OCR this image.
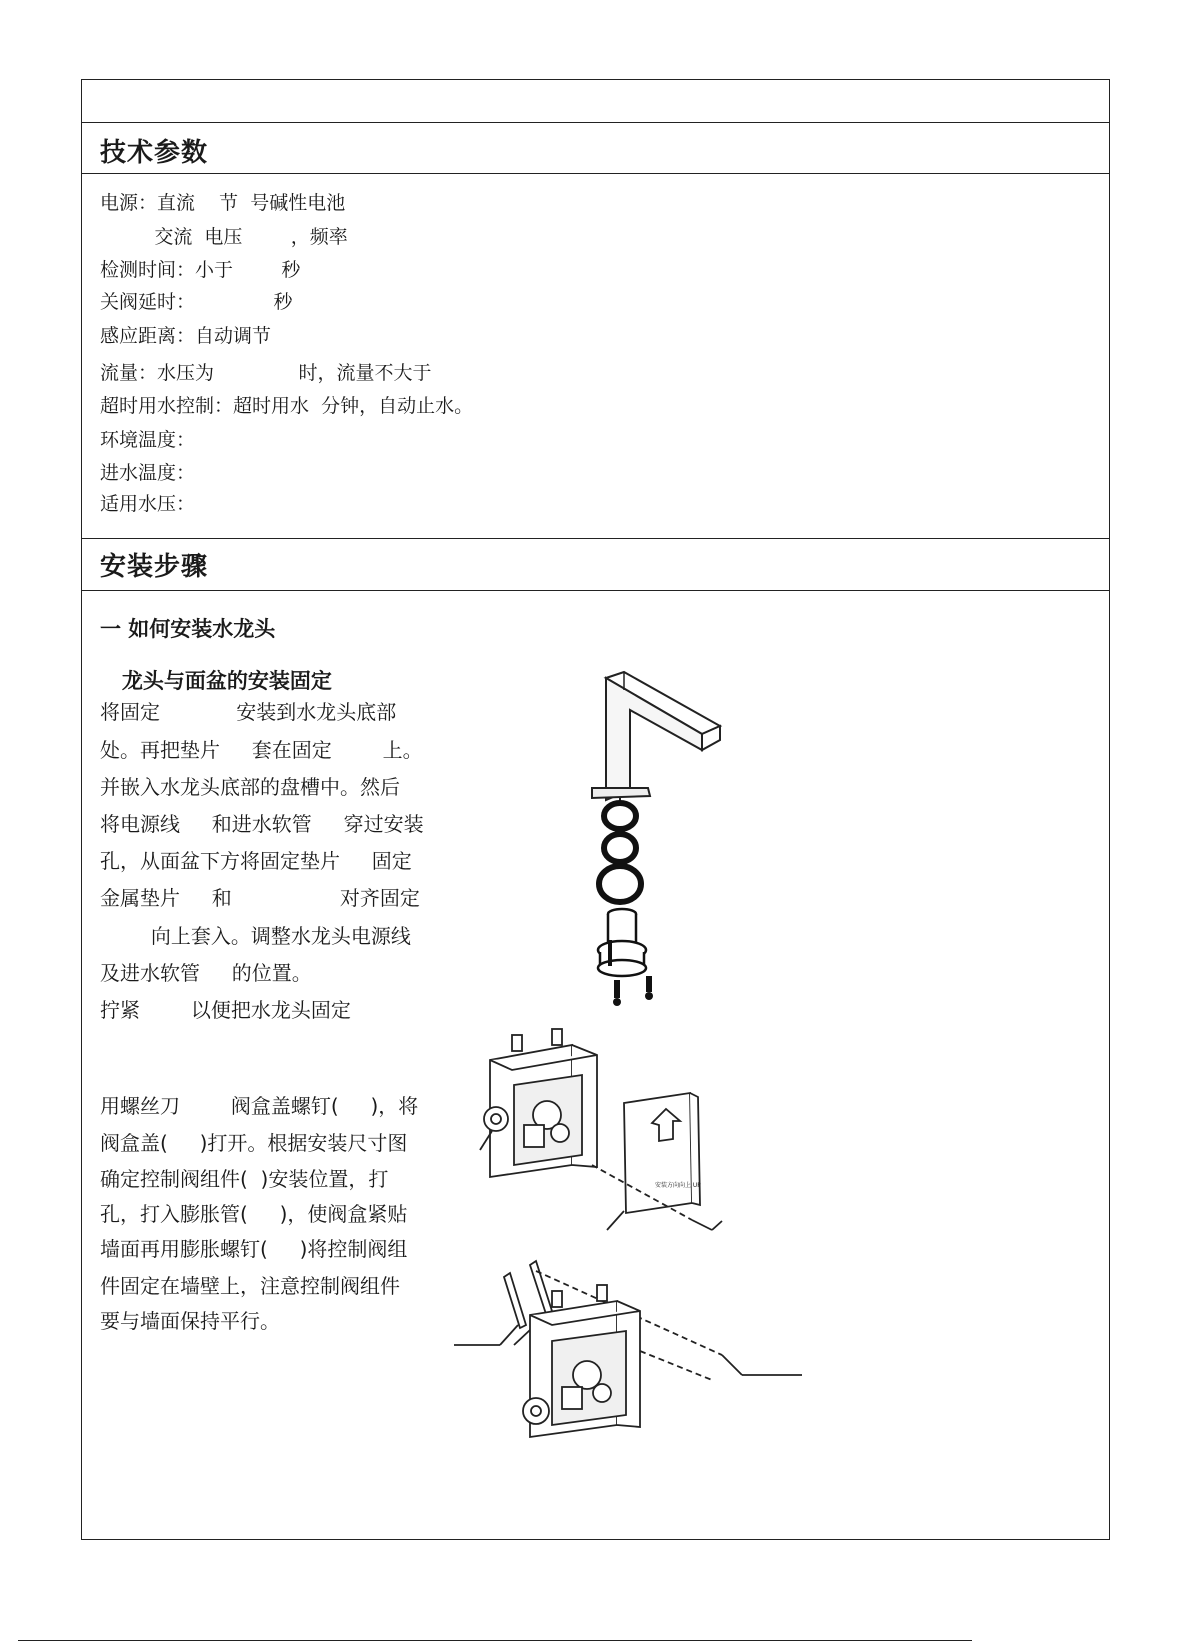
技术参数
电源：直流    节  号碱性电池
交流  电压        ，频率
检测时间：小于        秒
关阀延时：             秒
感应距离：自动调节
流量：水压为              时，流量不大于
超时用水控制：超时用水  分钟，自动止水。
环境温度：
进水温度：
适用水压：
安装步骤
一 如何安装水龙头
龙头与面盆的安装固定
将固定            安装到水龙头底部
处。再把垫片     套在固定        上。
并嵌入水龙头底部的盘槽中。然后
将电源线     和进水软管     穿过安装
孔，从面盆下方将固定垫片     固定
金属垫片     和                 对齐固定
向上套入。调整水龙头电源线
及进水软管     的位置。
拧紧        以便把水龙头固定
用螺丝刀        阀盒盖螺钉(     )，将
阀盒盖(     )打开。根据安装尺寸图
确定控制阀组件(  )安装位置，打
孔，打入膨胀管(     )，使阀盒紧贴
墙面再用膨胀螺钉(     )将控制阀组
件固定在墙壁上，注意控制阀组件
要与墙面保持平行。
安装方向向上 UP
